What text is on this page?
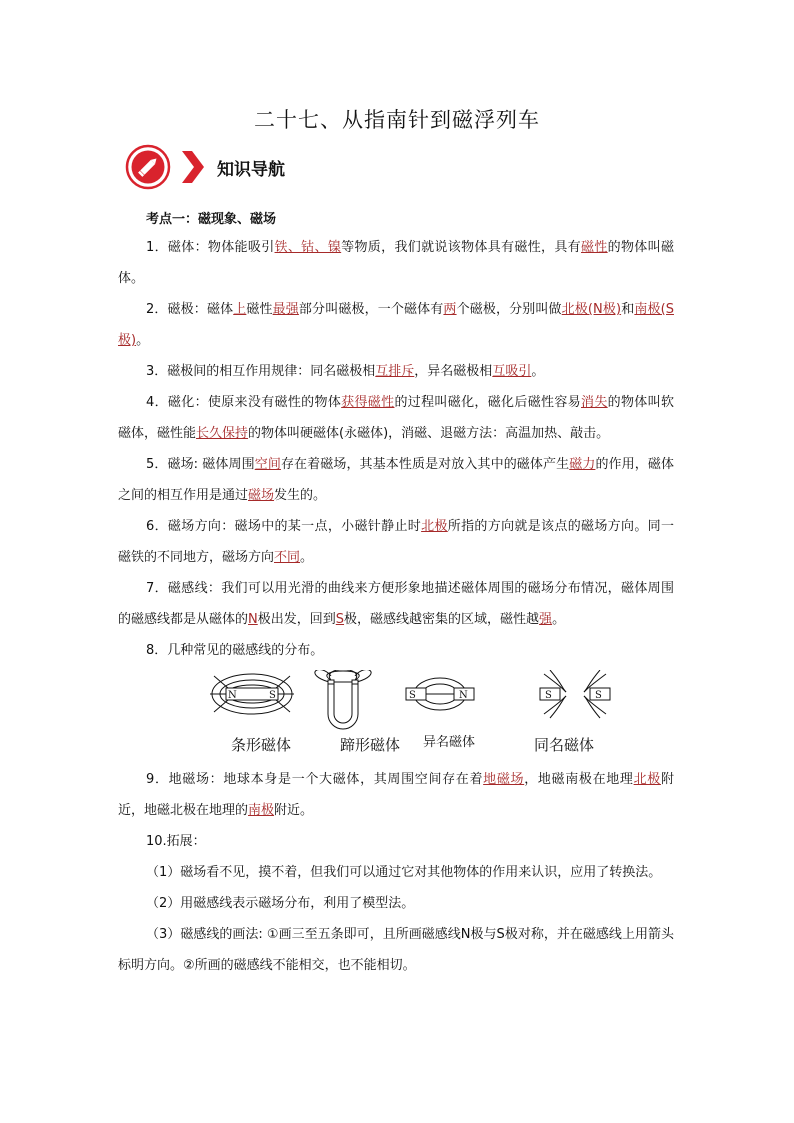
二十七、从指南针到磁浮列车
知识导航
考点一：磁现象、磁场

1．磁体：物体能吸引铁、钴、镍等物质，我们就说该物体具有磁性，具有磁性的物体叫磁体。

2．磁极：磁体上磁性最强部分叫磁极，一个磁体有两个磁极，分别叫做北极(N极)和南极(S极)。

3．磁极间的相互作用规律：同名磁极相互排斥，异名磁极相互吸引。

4．磁化：使原来没有磁性的物体获得磁性的过程叫磁化，磁化后磁性容易消失的物体叫软磁体，磁性能长久保持的物体叫硬磁体(永磁体)，消磁、退磁方法：高温加热、敲击。

5．磁场: 磁体周围空间存在着磁场，其基本性质是对放入其中的磁体产生磁力的作用，磁体之间的相互作用是通过磁场发生的。

6．磁场方向：磁场中的某一点，小磁针静止时北极所指的方向就是该点的磁场方向。同一磁铁的不同地方，磁场方向不同。

7．磁感线：我们可以用光滑的曲线来方便形象地描述磁体周围的磁场分布情况，磁体周围的磁感线都是从磁体的N极出发，回到S极，磁感线越密集的区域，磁性越强。

8．几种常见的磁感线的分布。

N	S	S	N	S	S
条形磁体	蹄形磁体 异名磁体	同名磁体

9．地磁场：地球本身是一个大磁体，其周围空间存在着地磁场，地磁南极在地理北极附近，地磁北极在地理的南极附近。

10.拓展：

（1）磁场看不见，摸不着，但我们可以通过它对其他物体的作用来认识，应用了转换法。

（2）用磁感线表示磁场分布，利用了模型法。

（3）磁感线的画法: ①画三至五条即可，且所画磁感线N极与S极对称，并在磁感线上用箭头标明方向。②所画的磁感线不能相交，也不能相切。
